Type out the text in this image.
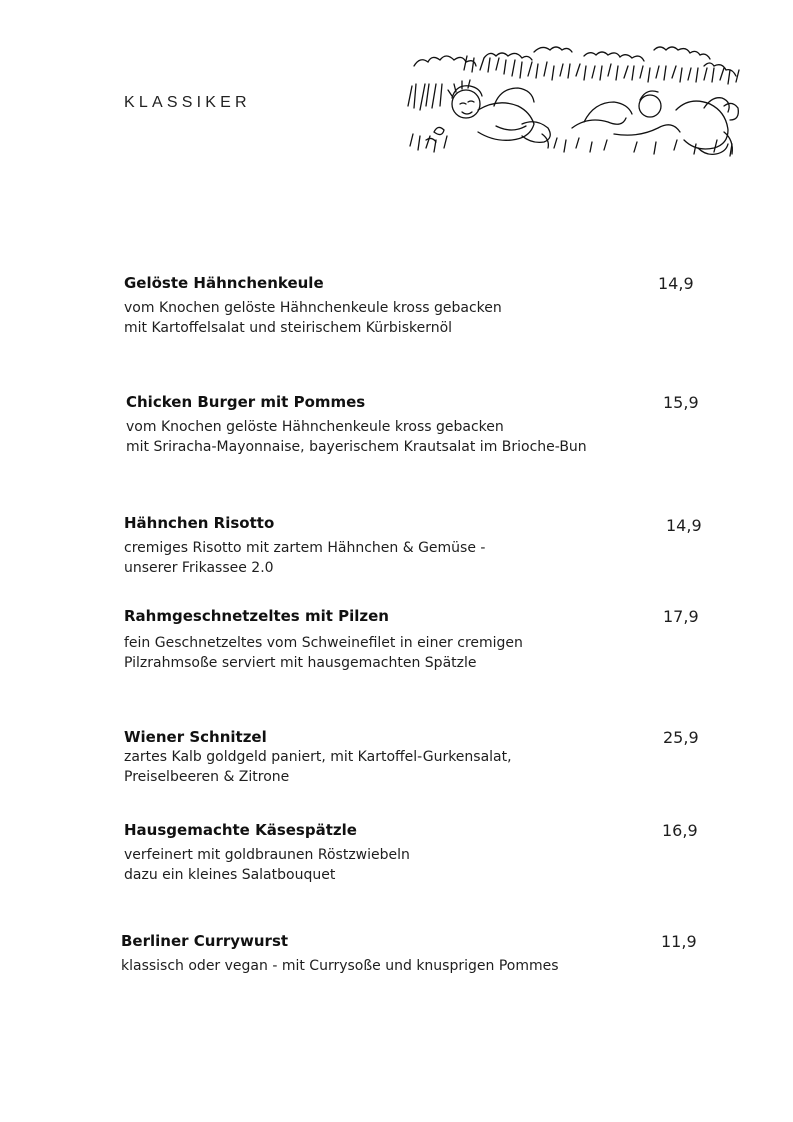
KLASSIKER
Gelöste Hähnchenkeule
vom Knochen gelöste Hähnchenkeule kross gebacken
mit Kartoffelsalat und steirischem Kürbiskernöl
14,9
Chicken Burger mit Pommes
vom Knochen gelöste Hähnchenkeule kross gebacken
mit Sriracha-Mayonnaise, bayerischem Krautsalat im Brioche-Bun
15,9
Hähnchen Risotto
cremiges Risotto mit zartem Hähnchen & Gemüse -
unserer Frikassee 2.0
14,9
Rahmgeschnetzeltes mit Pilzen
fein Geschnetzeltes vom Schweinefilet in einer cremigen
Pilzrahmsoße serviert mit hausgemachten Spätzle
17,9
Wiener Schnitzel
zartes Kalb goldgeld paniert, mit Kartoffel-Gurkensalat,
Preiselbeeren & Zitrone
25,9
Hausgemachte Käsespätzle
verfeinert mit goldbraunen Röstzwiebeln
dazu ein kleines Salatbouquet
16,9
Berliner Currywurst
klassisch oder vegan - mit Currysoße und knusprigen Pommes
11,9
